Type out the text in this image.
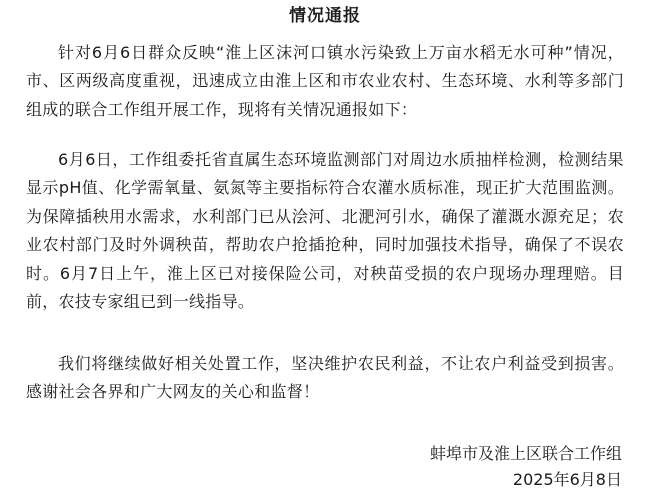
情况通报

针对6月6日群众反映“淮上区沫河口镇水污染致上万亩水稻无水可种”情况，市、区两级高度重视，迅速成立由淮上区和市农业农村、生态环境、水利等多部门组成的联合工作组开展工作，现将有关情况通报如下：

6月6日，工作组委托省直属生态环境监测部门对周边水质抽样检测，检测结果显示pH值、化学需氧量、氨氮等主要指标符合农灌水质标准，现正扩大范围监测。为保障插秧用水需求，水利部门已从浍河、北淝河引水，确保了灌溉水源充足；农业农村部门及时外调秧苗，帮助农户抢插抢种，同时加强技术指导，确保了不误农时。6月7日上午，淮上区已对接保险公司，对秧苗受损的农户现场办理理赔。目前，农技专家组已到一线指导。

我们将继续做好相关处置工作，坚决维护农民利益，不让农户利益受到损害。感谢社会各界和广大网友的关心和监督！

蚌埠市及淮上区联合工作组
2025年6月8日
